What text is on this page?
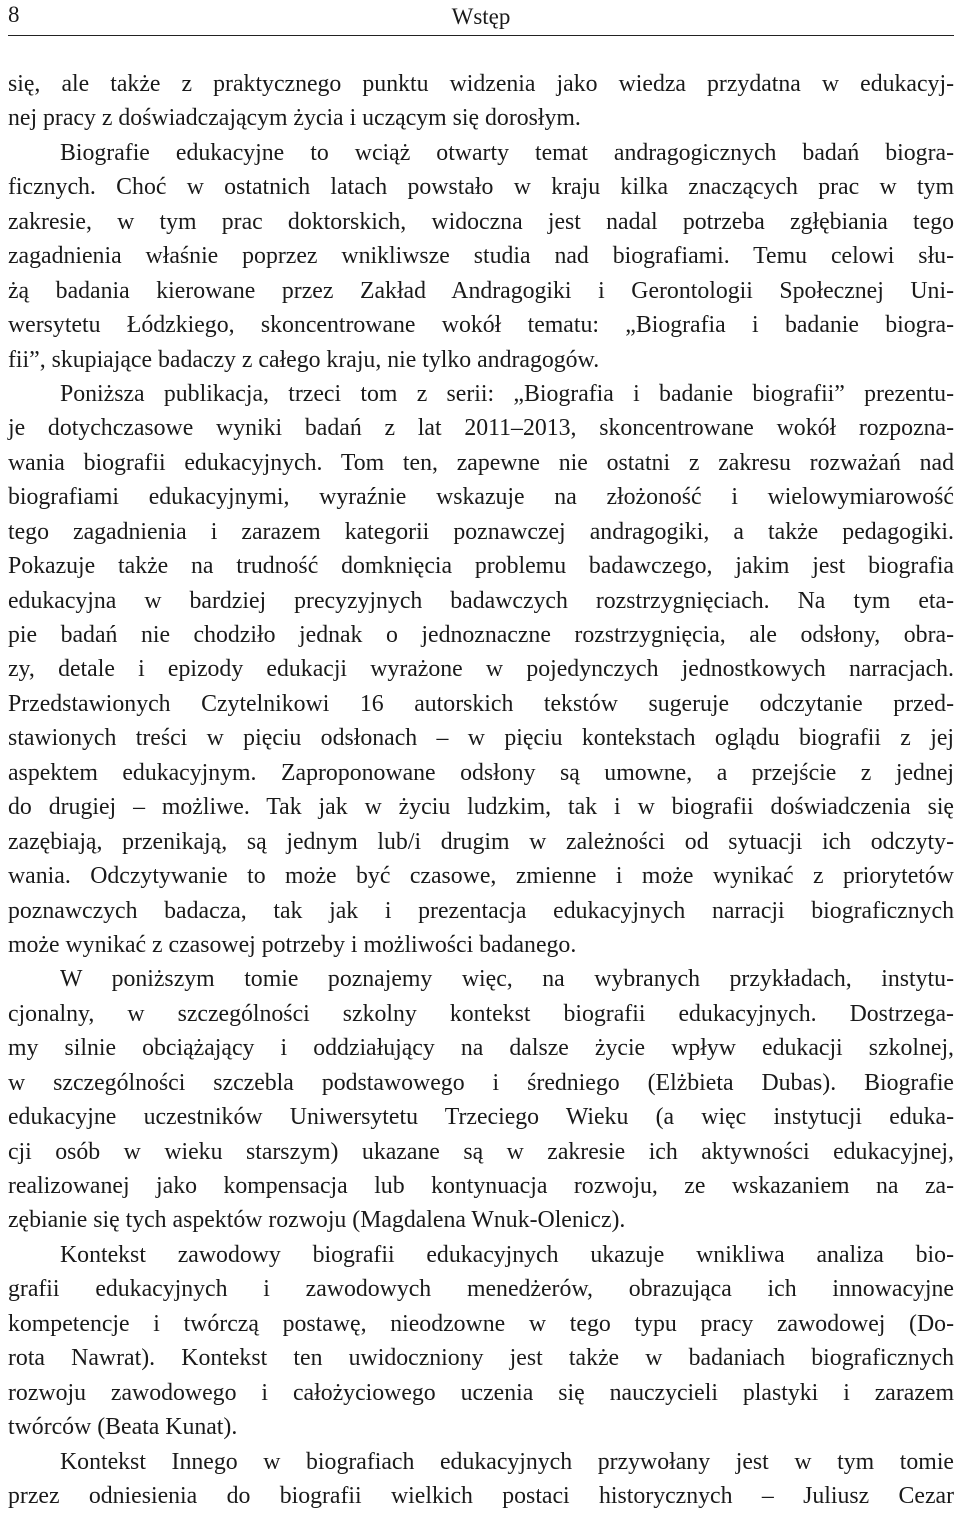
8	Wstęp
się, ale także z praktycznego punktu widzenia jako wiedza przydatna w edukacyj-
nej pracy z doświadczającym życia i uczącym się dorosłym.
Biografie edukacyjne to wciąż otwarty temat andragogicznych badań biogra-
ficznych. Choć w ostatnich latach powstało w kraju kilka znaczących prac w tym
zakresie, w tym prac doktorskich, widoczna jest nadal potrzeba zgłębiania tego
zagadnienia właśnie poprzez wnikliwsze studia nad biografiami. Temu celowi słu-
żą badania kierowane przez Zakład Andragogiki i Gerontologii Społecznej Uni-
wersytetu Łódzkiego, skoncentrowane wokół tematu: „Biografia i badanie biogra-
fii”, skupiające badaczy z całego kraju, nie tylko andragogów.
Poniższa publikacja, trzeci tom z serii: „Biografia i badanie biografii” prezentu-
je dotychczasowe wyniki badań z lat 2011‒2013, skoncentrowane wokół rozpozna-
wania biografii edukacyjnych. Tom ten, zapewne nie ostatni z zakresu rozważań nad
biografiami edukacyjnymi, wyraźnie wskazuje na złożoność i wielowymiarowość
tego zagadnienia i zarazem kategorii poznawczej andragogiki, a także pedagogiki.
Pokazuje także na trudność domknięcia problemu badawczego, jakim jest biografia
edukacyjna w bardziej precyzyjnych badawczych rozstrzygnięciach. Na tym eta-
pie badań nie chodziło jednak o jednoznaczne rozstrzygnięcia, ale odsłony, obra-
zy, detale i epizody edukacji wyrażone w pojedynczych jednostkowych narracjach.
Przedstawionych Czytelnikowi 16 autorskich tekstów sugeruje odczytanie przed-
stawionych treści w pięciu odsłonach ‒ w pięciu kontekstach oglądu biografii z jej
aspektem edukacyjnym. Zaproponowane odsłony są umowne, a przejście z jednej
do drugiej ‒ możliwe. Tak jak w życiu ludzkim, tak i w biografii doświadczenia się
zazębiają, przenikają, są jednym lub/i drugim w zależności od sytuacji ich odczyty-
wania. Odczytywanie to może być czasowe, zmienne i może wynikać z priorytetów
poznawczych badacza, tak jak i prezentacja edukacyjnych narracji biograficznych
może wynikać z czasowej potrzeby i możliwości badanego.
W poniższym tomie poznajemy więc, na wybranych przykładach, instytu-
cjonalny, w szczególności szkolny kontekst biografii edukacyjnych. Dostrzega-
my silnie obciążający i oddziałujący na dalsze życie wpływ edukacji szkolnej,
w szczególności szczebla podstawowego i średniego (Elżbieta Dubas). Biografie
edukacyjne uczestników Uniwersytetu Trzeciego Wieku (a więc instytucji eduka-
cji osób w wieku starszym) ukazane są w zakresie ich aktywności edukacyjnej,
realizowanej jako kompensacja lub kontynuacja rozwoju, ze wskazaniem na za-
zębianie się tych aspektów rozwoju (Magdalena Wnuk-Olenicz).
Kontekst zawodowy biografii edukacyjnych ukazuje wnikliwa analiza bio-
grafii edukacyjnych i zawodowych menedżerów, obrazująca ich innowacyjne
kompetencje i twórczą postawę, nieodzowne w tego typu pracy zawodowej (Do-
rota Nawrat). Kontekst ten uwidoczniony jest także w badaniach biograficznych
rozwoju zawodowego i całożyciowego uczenia się nauczycieli plastyki i zarazem
twórców (Beata Kunat).
Kontekst Innego w biografiach edukacyjnych przywołany jest w tym tomie
przez odniesienia do biografii wielkich postaci historycznych ‒ Juliusz Cezar
